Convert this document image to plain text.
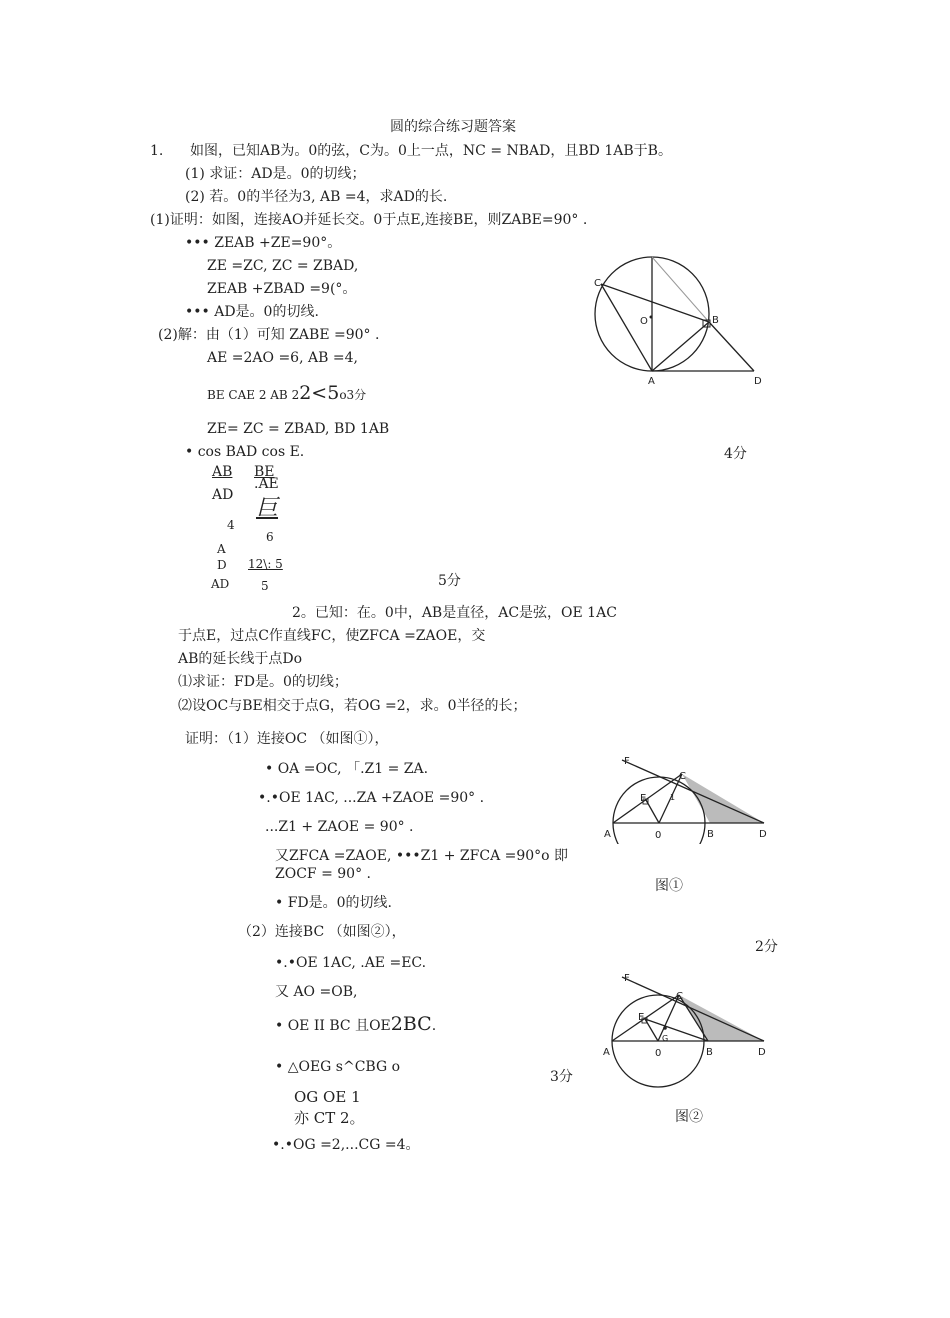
圆的综合练习题答案
1. 如图，已知AB为。0的弦，C为。0上一点，NC = NBAD，且BD 1AB于B。
(1) 求证：AD是。0的切线；
(2) 若。0的半径为3, AB =4，求AD的长.
(1)证明：如图，连接AO并延长交。0于点E,连接BE，则ZABE=90° .
••• ZEAB +ZE=90°。
ZE =ZC, ZC = ZBAD,
ZEAB +ZBAD =9(°。
••• AD是。0的切线.
(2)解：由（1）可知 ZABE =90° .
AE =2AO =6, AB =4,
BE CAE 2 AB 22<5o3分
ZE= ZC = ZBAD, BD 1AB
• cos BAD cos E.	4分
AB
AD
BE
.AE
巨
4
6
A
D 12\: 5
AD	5	5分
C
O	B
A	D
2。已知：在。0中，AB是直径，AC是弦，OE 1AC
于点E，过点C作直线FC，使ZFCA =ZAOE，交
AB的延长线于点Do
⑴求证：FD是。0的切线；
⑵设OC与BE相交于点G，若OG =2，求。0半径的长；
证明：（1）连接OC （如图①），
• OA =OC, 「.Z1 = ZA.
•.•OE 1AC, ...ZA +ZAOE =90° .
...Z1 + ZAOE = 90° .
又ZFCA =ZAOE, •••Z1 + ZFCA =90°o 即
ZOCF = 90° .
• FD是。0的切线.
（2）连接BC （如图②），
2分
•.•OE 1AC, .AE =EC.
又 AO =OB,
• OE II BC 且OE2BC.
• △OEG s^CBG o
3分
OG OE 1
亦 CT 2。
•.•OG =2,...CG =4。
F
C
E	1
A	0	B	D
图①
F
C
E
G
A	0	B	D
图②
